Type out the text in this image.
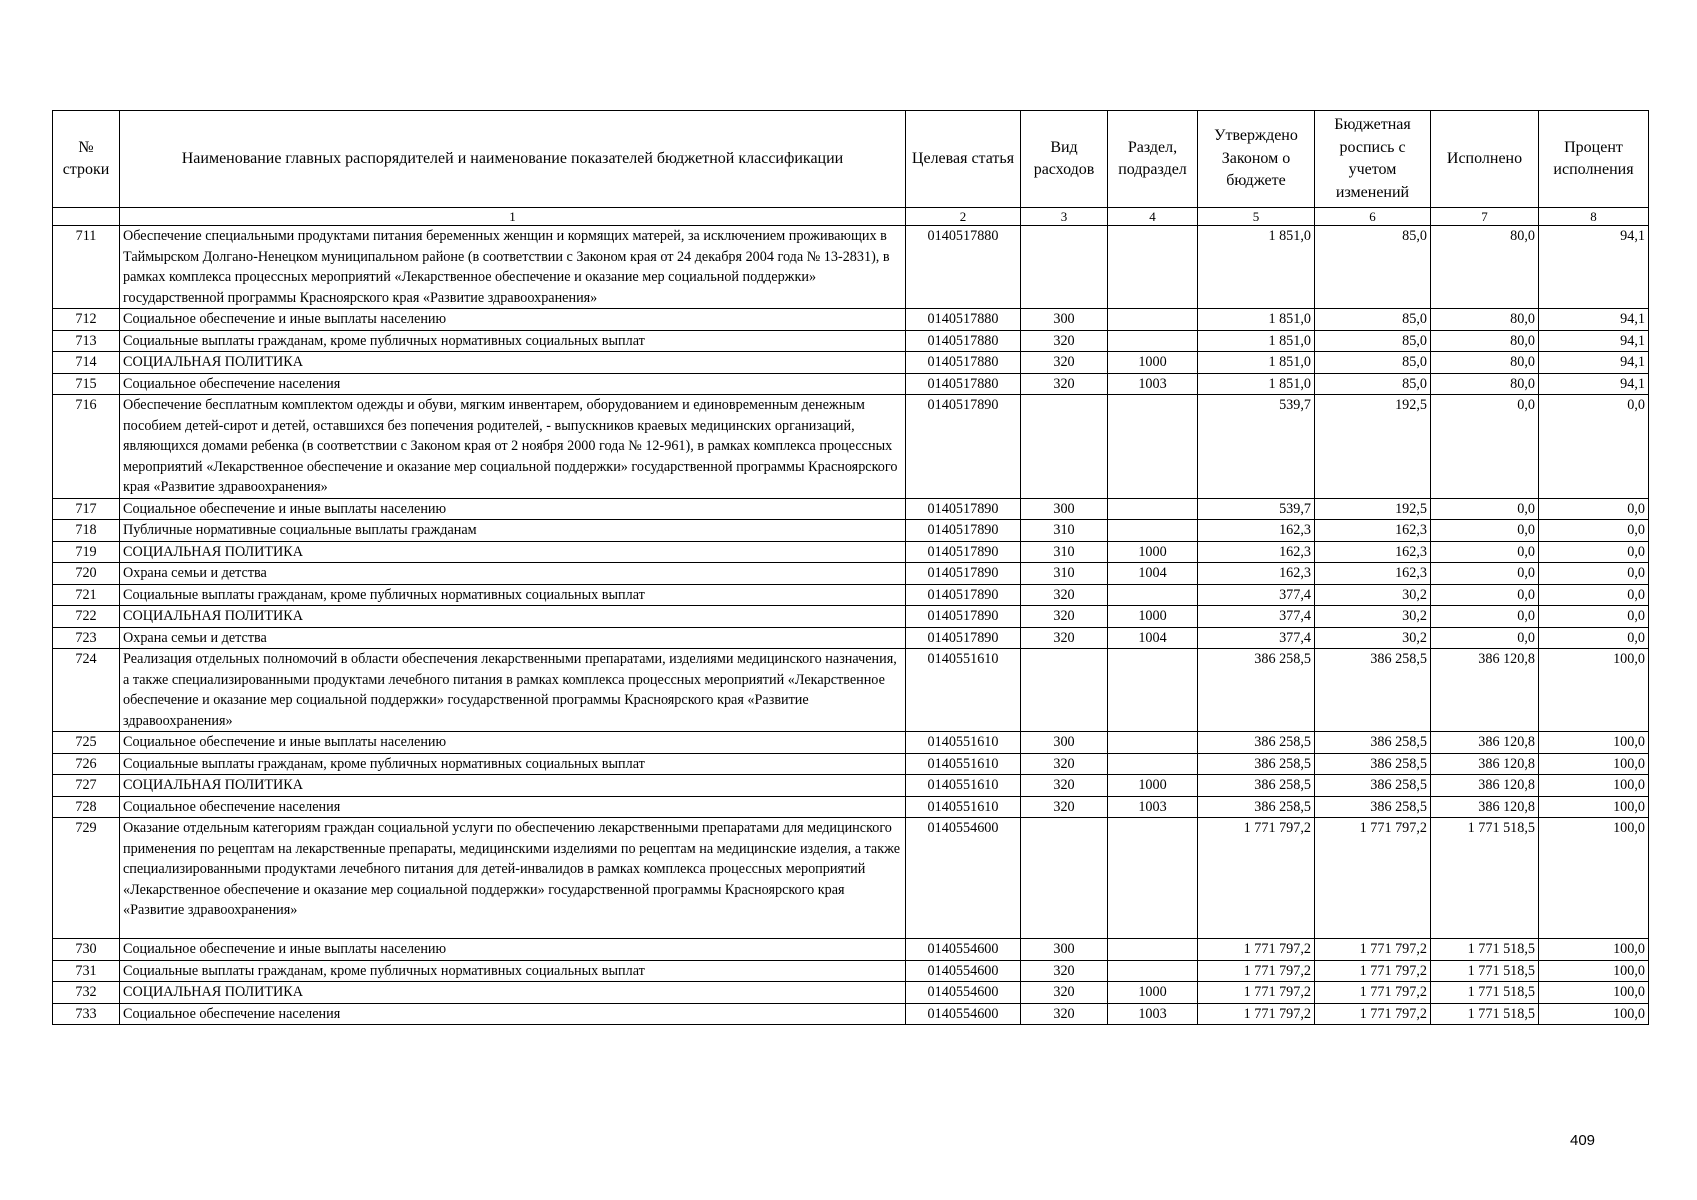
№ строки	Наименование главных распорядителей и наименование показателей бюджетной классификации	Целевая статья	Вид расходов	Раздел, подраздел	Утверждено Законом о бюджете	Бюджетная роспись с учетом изменений	Исполнено	Процент исполнения
	1	2	3	4	5	6	7	8
711	Обеспечение специальными продуктами питания беременных женщин и кормящих матерей, за исключением проживающих в Таймырском Долгано-Ненецком муниципальном районе (в соответствии с Законом края от 24 декабря 2004 года № 13-2831), в рамках комплекса процессных мероприятий «Лекарственное обеспечение и оказание мер социальной поддержки» государственной программы Красноярского края «Развитие здравоохранения»	0140517880			1 851,0	85,0	80,0	94,1
712	Социальное обеспечение и иные выплаты населению	0140517880	300		1 851,0	85,0	80,0	94,1
713	Социальные выплаты гражданам, кроме публичных нормативных социальных выплат	0140517880	320		1 851,0	85,0	80,0	94,1
714	СОЦИАЛЬНАЯ ПОЛИТИКА	0140517880	320	1000	1 851,0	85,0	80,0	94,1
715	Социальное обеспечение населения	0140517880	320	1003	1 851,0	85,0	80,0	94,1
716	Обеспечение бесплатным комплектом одежды и обуви, мягким инвентарем, оборудованием и единовременным денежным пособием детей-сирот и детей, оставшихся без попечения родителей, - выпускников краевых медицинских организаций, являющихся домами ребенка (в соответствии с Законом края от 2 ноября 2000 года № 12-961), в рамках комплекса процессных мероприятий «Лекарственное обеспечение и оказание мер социальной поддержки» государственной программы Красноярского края «Развитие здравоохранения»	0140517890			539,7	192,5	0,0	0,0
717	Социальное обеспечение и иные выплаты населению	0140517890	300		539,7	192,5	0,0	0,0
718	Публичные нормативные социальные выплаты гражданам	0140517890	310		162,3	162,3	0,0	0,0
719	СОЦИАЛЬНАЯ ПОЛИТИКА	0140517890	310	1000	162,3	162,3	0,0	0,0
720	Охрана семьи и детства	0140517890	310	1004	162,3	162,3	0,0	0,0
721	Социальные выплаты гражданам, кроме публичных нормативных социальных выплат	0140517890	320		377,4	30,2	0,0	0,0
722	СОЦИАЛЬНАЯ ПОЛИТИКА	0140517890	320	1000	377,4	30,2	0,0	0,0
723	Охрана семьи и детства	0140517890	320	1004	377,4	30,2	0,0	0,0
724	Реализация отдельных полномочий в области обеспечения лекарственными препаратами, изделиями медицинского назначения, а также специализированными продуктами лечебного питания в рамках комплекса процессных мероприятий «Лекарственное обеспечение и оказание мер социальной поддержки» государственной программы Красноярского края «Развитие здравоохранения»	0140551610			386 258,5	386 258,5	386 120,8	100,0
725	Социальное обеспечение и иные выплаты населению	0140551610	300		386 258,5	386 258,5	386 120,8	100,0
726	Социальные выплаты гражданам, кроме публичных нормативных социальных выплат	0140551610	320		386 258,5	386 258,5	386 120,8	100,0
727	СОЦИАЛЬНАЯ ПОЛИТИКА	0140551610	320	1000	386 258,5	386 258,5	386 120,8	100,0
728	Социальное обеспечение населения	0140551610	320	1003	386 258,5	386 258,5	386 120,8	100,0
729	Оказание отдельным категориям граждан социальной услуги по обеспечению лекарственными препаратами для медицинского применения по рецептам на лекарственные препараты, медицинскими изделиями по рецептам на медицинские изделия, а также специализированными продуктами лечебного питания для детей-инвалидов в рамках комплекса процессных мероприятий «Лекарственное обеспечение и оказание мер социальной поддержки» государственной программы Красноярского края «Развитие здравоохранения»	0140554600			1 771 797,2	1 771 797,2	1 771 518,5	100,0
730	Социальное обеспечение и иные выплаты населению	0140554600	300		1 771 797,2	1 771 797,2	1 771 518,5	100,0
731	Социальные выплаты гражданам, кроме публичных нормативных социальных выплат	0140554600	320		1 771 797,2	1 771 797,2	1 771 518,5	100,0
732	СОЦИАЛЬНАЯ ПОЛИТИКА	0140554600	320	1000	1 771 797,2	1 771 797,2	1 771 518,5	100,0
733	Социальное обеспечение населения	0140554600	320	1003	1 771 797,2	1 771 797,2	1 771 518,5	100,0
409
